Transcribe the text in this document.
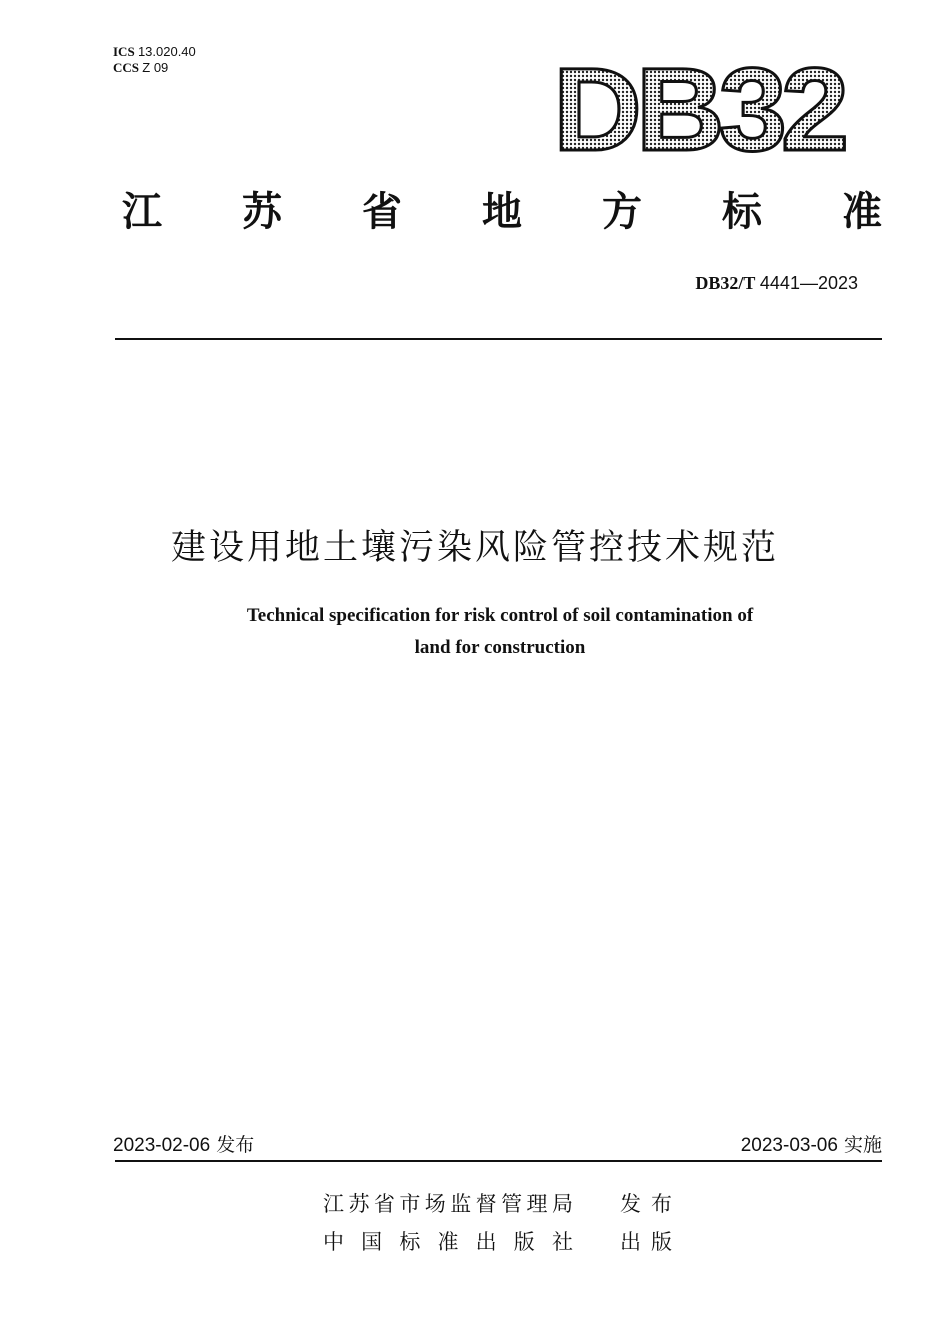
ICS 13.020.40
CCS Z 09	DB32
江 苏 省 地 方 标 准
DB32/T 4441—2023
建设用地土壤污染风险管控技术规范
Technical specification for risk control of soil contamination of
land for construction
2023-02-06 发布	2023-03-06 实施
江 苏 省 市 场 监 督 管 理 局 发 布
中 国 标 准 出 版 社 出 版
